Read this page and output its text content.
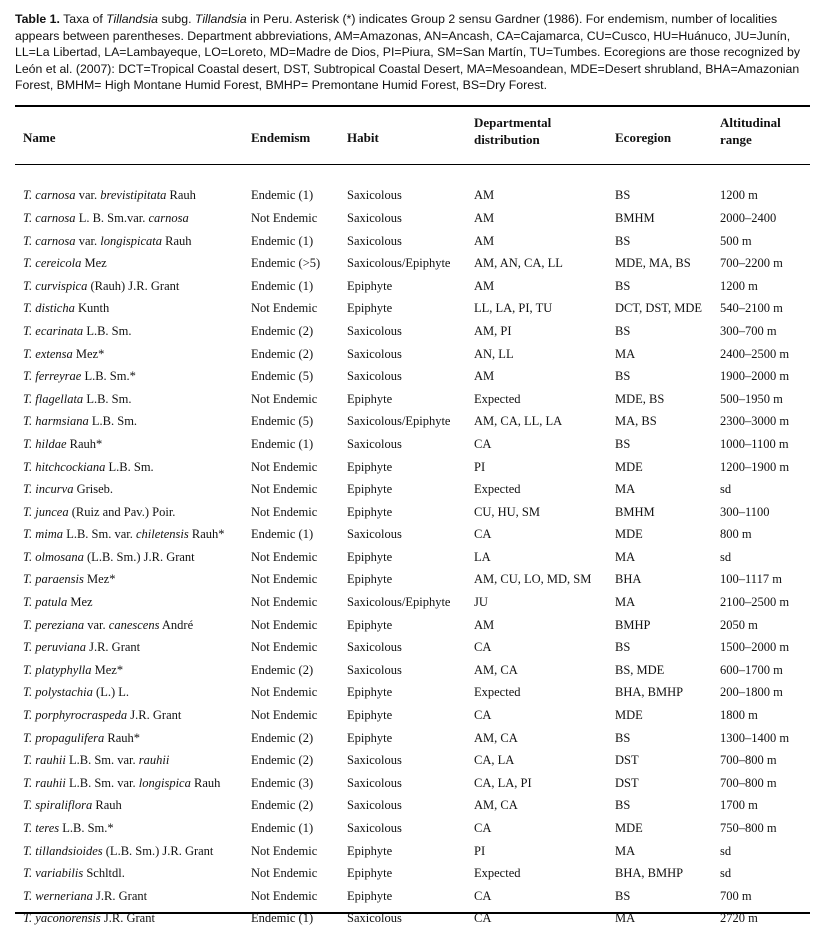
Table 1. Taxa of Tillandsia subg. Tillandsia in Peru. Asterisk (*) indicates Group 2 sensu Gardner (1986). For endemism, number of localities appears between parentheses. Department abbreviations, AM=Amazonas, AN=Ancash, CA=Cajamarca, CU=Cusco, HU=Huánuco, JU=Junín, LL=La Libertad, LA=Lambayeque, LO=Loreto, MD=Madre de Dios, PI=Piura, SM=San Martín, TU=Tumbes. Ecoregions are those recognized by León et al. (2007): DCT=Tropical Coastal desert, DST, Subtropical Coastal Desert, MA=Mesoandean, MDE=Desert shrubland, BHA=Amazonian Forest, BMHM= High Montane Humid Forest, BMHP= Premontane Humid Forest, BS=Dry Forest.
Name	Endemism	Habit	Departmental distribution	Ecoregion	Altitudinal range

T. carnosa var. brevistipitata Rauh	Endemic (1)	Saxicolous	AM	BS	1200 m
T. carnosa L. B. Sm.var. carnosa	Not Endemic	Saxicolous	AM	BMHM	2000–2400
T. carnosa var. longispicata Rauh	Endemic (1)	Saxicolous	AM	BS	500 m
T. cereicola Mez	Endemic (>5)	Saxicolous/Epiphyte	AM, AN, CA, LL	MDE, MA, BS	700–2200 m
T. curvispica (Rauh) J.R. Grant	Endemic (1)	Epiphyte	AM	BS	1200 m
T. disticha Kunth	Not Endemic	Epiphyte	LL, LA, PI, TU	DCT, DST, MDE	540–2100 m
T. ecarinata L.B. Sm.	Endemic (2)	Saxicolous	AM, PI	BS	300–700 m
T. extensa Mez*	Endemic (2)	Saxicolous	AN, LL	MA	2400–2500 m
T. ferreyrae L.B. Sm.*	Endemic (5)	Saxicolous	AM	BS	1900–2000 m
T. flagellata L.B. Sm.	Not Endemic	Epiphyte	Expected	MDE, BS	500–1950 m
T. harmsiana L.B. Sm.	Endemic (5)	Saxicolous/Epiphyte	AM, CA, LL, LA	MA, BS	2300–3000 m
T. hildae Rauh*	Endemic (1)	Saxicolous	CA	BS	1000–1100 m
T. hitchcockiana L.B. Sm.	Not Endemic	Epiphyte	PI	MDE	1200–1900 m
T. incurva Griseb.	Not Endemic	Epiphyte	Expected	MA	sd
T. juncea (Ruiz and Pav.) Poir.	Not Endemic	Epiphyte	CU, HU, SM	BMHM	300–1100
T. mima L.B. Sm. var. chiletensis Rauh*	Endemic (1)	Saxicolous	CA	MDE	800 m
T. olmosana (L.B. Sm.) J.R. Grant	Not Endemic	Epiphyte	LA	MA	sd
T. paraensis Mez*	Not Endemic	Epiphyte	AM, CU, LO, MD, SM	BHA	100–1117 m
T. patula Mez	Not Endemic	Saxicolous/Epiphyte	JU	MA	2100–2500 m
T. pereziana var. canescens André	Not Endemic	Epiphyte	AM	BMHP	2050 m
T. peruviana J.R. Grant	Not Endemic	Saxicolous	CA	BS	1500–2000 m
T. platyphylla Mez*	Endemic (2)	Saxicolous	AM, CA	BS, MDE	600–1700 m
T. polystachia (L.) L.	Not Endemic	Epiphyte	Expected	BHA, BMHP	200–1800 m
T. porphyrocraspeda J.R. Grant	Not Endemic	Epiphyte	CA	MDE	1800 m
T. propagulifera Rauh*	Endemic (2)	Epiphyte	AM, CA	BS	1300–1400 m
T. rauhii L.B. Sm. var. rauhii	Endemic (2)	Saxicolous	CA, LA	DST	700–800 m
T. rauhii L.B. Sm. var. longispica Rauh	Endemic (3)	Saxicolous	CA, LA, PI	DST	700–800 m
T. spiraliflora Rauh	Endemic (2)	Saxicolous	AM, CA	BS	1700 m
T. teres L.B. Sm.*	Endemic (1)	Saxicolous	CA	MDE	750–800 m
T. tillandsioides (L.B. Sm.) J.R. Grant	Not Endemic	Epiphyte	PI	MA	sd
T. variabilis Schltdl.	Not Endemic	Epiphyte	Expected	BHA, BMHP	sd
T. werneriana J.R. Grant	Not Endemic	Epiphyte	CA	BS	700 m
T. yaconorensis J.R. Grant	Endemic (1)	Saxicolous	CA	MA	2720 m
